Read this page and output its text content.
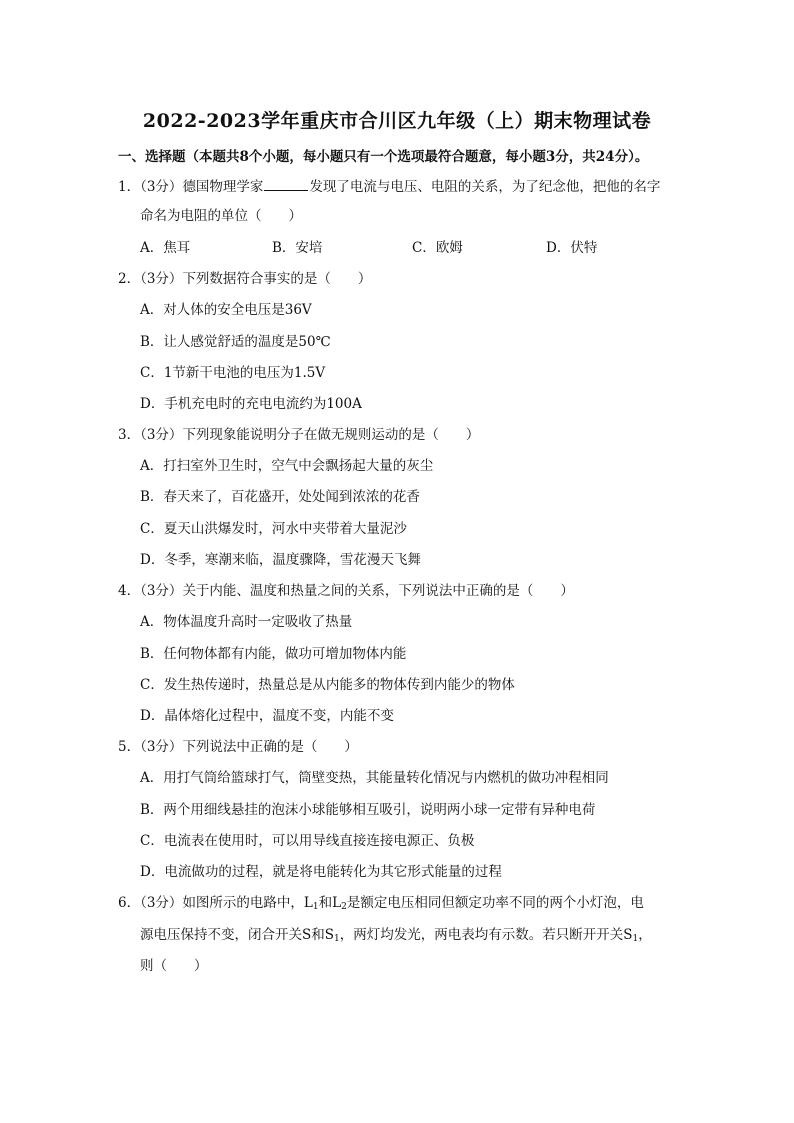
2022-2023学年重庆市合川区九年级（上）期末物理试卷
一、选择题（本题共8个小题，每小题只有一个选项最符合题意，每小题3分，共24分）。
1．（3分）德国物理学家	发现了电流与电压、电阻的关系，为了纪念他，把他的名字
命名为电阻的单位（　　）
A．焦耳	B．安培	C．欧姆	D．伏特
2．（3分）下列数据符合事实的是（　　）
A．对人体的安全电压是36V
B．让人感觉舒适的温度是50℃
C．1节新干电池的电压为1.5V
D．手机充电时的充电电流约为100A
3．（3分）下列现象能说明分子在做无规则运动的是（　　）
A．打扫室外卫生时，空气中会飘扬起大量的灰尘
B．春天来了，百花盛开，处处闻到浓浓的花香
C．夏天山洪爆发时，河水中夹带着大量泥沙
D．冬季，寒潮来临，温度骤降，雪花漫天飞舞
4．（3分）关于内能、温度和热量之间的关系，下列说法中正确的是（　　）
A．物体温度升高时一定吸收了热量
B．任何物体都有内能，做功可增加物体内能
C．发生热传递时，热量总是从内能多的物体传到内能少的物体
D．晶体熔化过程中，温度不变，内能不变
5．（3分）下列说法中正确的是（　　）
A．用打气筒给篮球打气，筒壁变热，其能量转化情况与内燃机的做功冲程相同
B．两个用细线悬挂的泡沫小球能够相互吸引，说明两小球一定带有异种电荷
C．电流表在使用时，可以用导线直接连接电源正、负极
D．电流做功的过程，就是将电能转化为其它形式能量的过程
6．（3分）如图所示的电路中，$L_1$和$L_2$是额定电压相同但额定功率不同的两个小灯泡，电
源电压保持不变，闭合开关S和$S_1$，两灯均发光，两电表均有示数。若只断开开关$S_1$，
则（　　）
